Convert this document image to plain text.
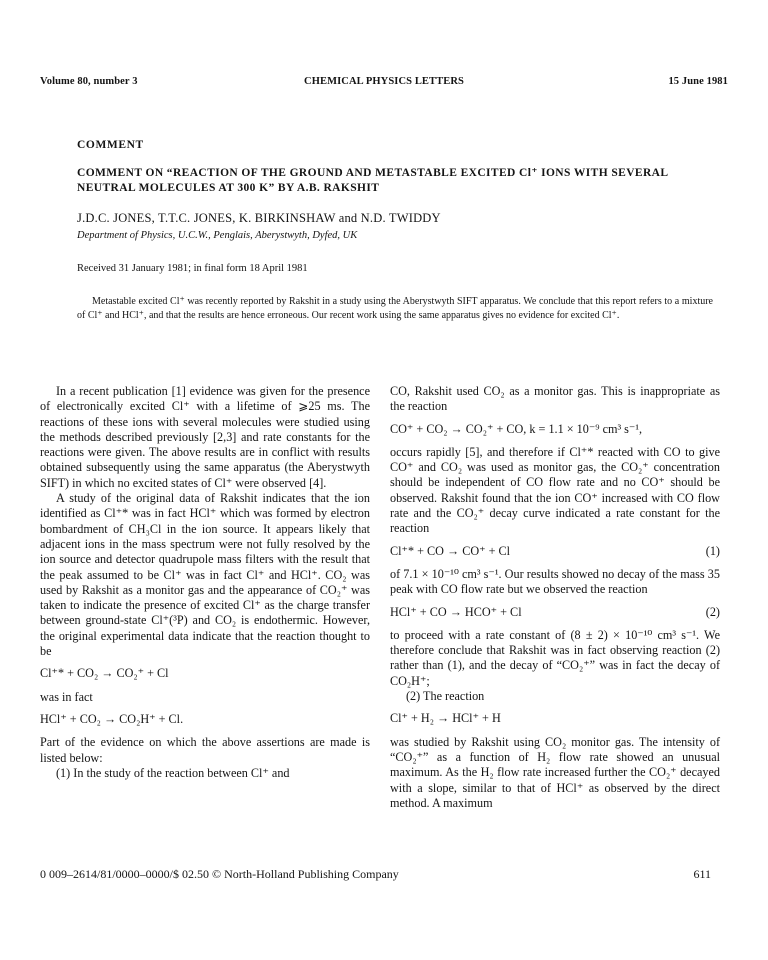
Volume 80, number 3	CHEMICAL PHYSICS LETTERS	15 June 1981
COMMENT
COMMENT ON “REACTION OF THE GROUND AND METASTABLE EXCITED Cl⁺ IONS WITH SEVERAL NEUTRAL MOLECULES AT 300 K” BY A.B. RAKSHIT
J.D.C. JONES, T.T.C. JONES, K. BIRKINSHAW and N.D. TWIDDY
Department of Physics, U.C.W., Penglais, Aberystwyth, Dyfed, UK
Received 31 January 1981; in final form 18 April 1981

Metastable excited Cl⁺ was recently reported by Rakshit in a study using the Aberystwyth SIFT apparatus. We conclude that this report refers to a mixture of Cl⁺ and HCl⁺, and that the results are hence erroneous. Our recent work using the same apparatus gives no evidence for excited Cl⁺.

In a recent publication [1] evidence was given for the presence of electronically excited Cl⁺ with a lifetime of ⩾25 ms. The reactions of these ions with several molecules were studied using the methods described previously [2,3] and rate constants for the reactions were given. The above results are in conflict with results obtained subsequently using the same apparatus (the Aberystwyth SIFT) in which no excited states of Cl⁺ were observed [4].

A study of the original data of Rakshit indicates that the ion identified as Cl⁺* was in fact HCl⁺ which was formed by electron bombardment of CH₃Cl in the ion source. It appears likely that adjacent ions in the mass spectrum were not fully resolved by the ion source and detector quadrupole mass filters with the result that the peak assumed to be Cl⁺ was in fact Cl⁺ and HCl⁺. CO₂ was used by Rakshit as a monitor gas and the appearance of CO₂⁺ was taken to indicate the presence of excited Cl⁺ as the charge transfer between ground-state Cl⁺(³P) and CO₂ is endothermic. However, the original experimental data indicate that the reaction thought to be

Cl⁺* + CO₂ → CO₂⁺ + Cl

was in fact

HCl⁺ + CO₂ → CO₂H⁺ + Cl.

Part of the evidence on which the above assertions are made is listed below:

(1) In the study of the reaction between Cl⁺ and

CO, Rakshit used CO₂ as a monitor gas. This is inappropriate as the reaction

CO⁺ + CO₂ → CO₂⁺ + CO, k = 1.1 × 10⁻⁹ cm³ s⁻¹,

occurs rapidly [5], and therefore if Cl⁺* reacted with CO to give CO⁺ and CO₂ was used as monitor gas, the CO₂⁺ concentration should be independent of CO flow rate and no CO⁺ should be observed. Rakshit found that the ion CO⁺ increased with CO flow rate and the CO₂⁺ decay curve indicated a rate constant for the reaction

Cl⁺* + CO → CO⁺ + Cl	(1)

of 7.1 × 10⁻¹⁰ cm³ s⁻¹. Our results showed no decay of the mass 35 peak with CO flow rate but we observed the reaction

HCl⁺ + CO → HCO⁺ + Cl	(2)

to proceed with a rate constant of (8 ± 2) × 10⁻¹⁰ cm³ s⁻¹. We therefore conclude that Rakshit was in fact observing reaction (2) rather than (1), and the decay of “CO₂⁺” was in fact the decay of CO₂H⁺;

(2) The reaction

Cl⁺ + H₂ → HCl⁺ + H

was studied by Rakshit using CO₂ monitor gas. The intensity of “CO₂⁺” as a function of H₂ flow rate showed an unusual maximum. As the H₂ flow rate increased further the CO₂⁺ decayed with a slope, similar to that of HCl⁺ as observed by the direct method. A maximum

0 009–2614/81/0000–0000/$ 02.50 © North-Holland Publishing Company	611
